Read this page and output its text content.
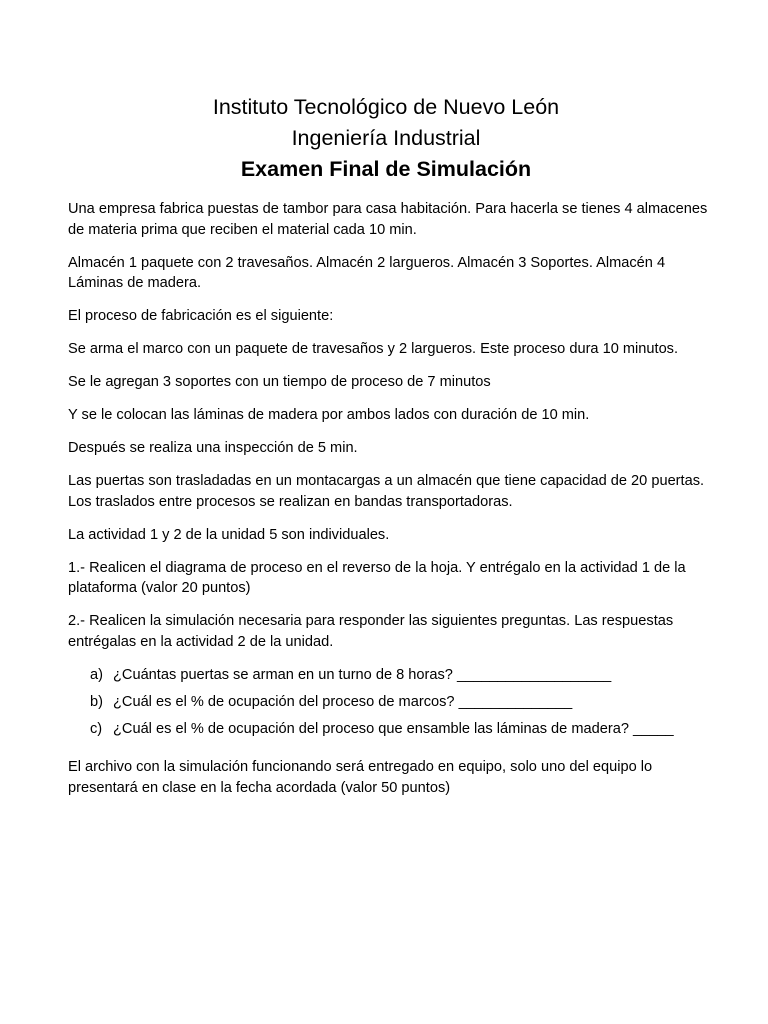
Instituto Tecnológico de Nuevo León
Ingeniería Industrial
Examen Final de Simulación

Una empresa fabrica puestas de tambor para casa habitación. Para hacerla se tienes 4 almacenes de materia prima que reciben el material cada 10 min.

Almacén 1 paquete con 2 travesaños. Almacén 2 largueros. Almacén 3 Soportes. Almacén 4 Láminas de madera.

El proceso de fabricación es el siguiente:

Se arma el marco con un paquete de travesaños y 2 largueros. Este proceso dura 10 minutos.

Se le agregan 3 soportes con un tiempo de proceso de 7 minutos

Y se le colocan las láminas de madera por ambos lados con duración de 10 min.

Después se realiza una inspección de 5 min.

Las puertas son trasladadas en un montacargas a un almacén que tiene capacidad de 20 puertas. Los traslados entre procesos se realizan en bandas transportadoras.

La actividad 1 y 2 de la unidad 5 son individuales.

1.- Realicen el diagrama de proceso en el reverso de la hoja. Y entrégalo en la actividad 1 de la plataforma (valor 20 puntos)

2.- Realicen la simulación necesaria para responder las siguientes preguntas. Las respuestas entrégalas en la actividad 2 de la unidad.

a) ¿Cuántas puertas se arman en un turno de 8 horas? ___________________
b) ¿Cuál es el % de ocupación del proceso de marcos? ______________
c) ¿Cuál es el % de ocupación del proceso que ensamble las láminas de madera? _____

El archivo con la simulación funcionando será entregado en equipo, solo uno del equipo lo presentará en clase en la fecha acordada (valor 50 puntos)
